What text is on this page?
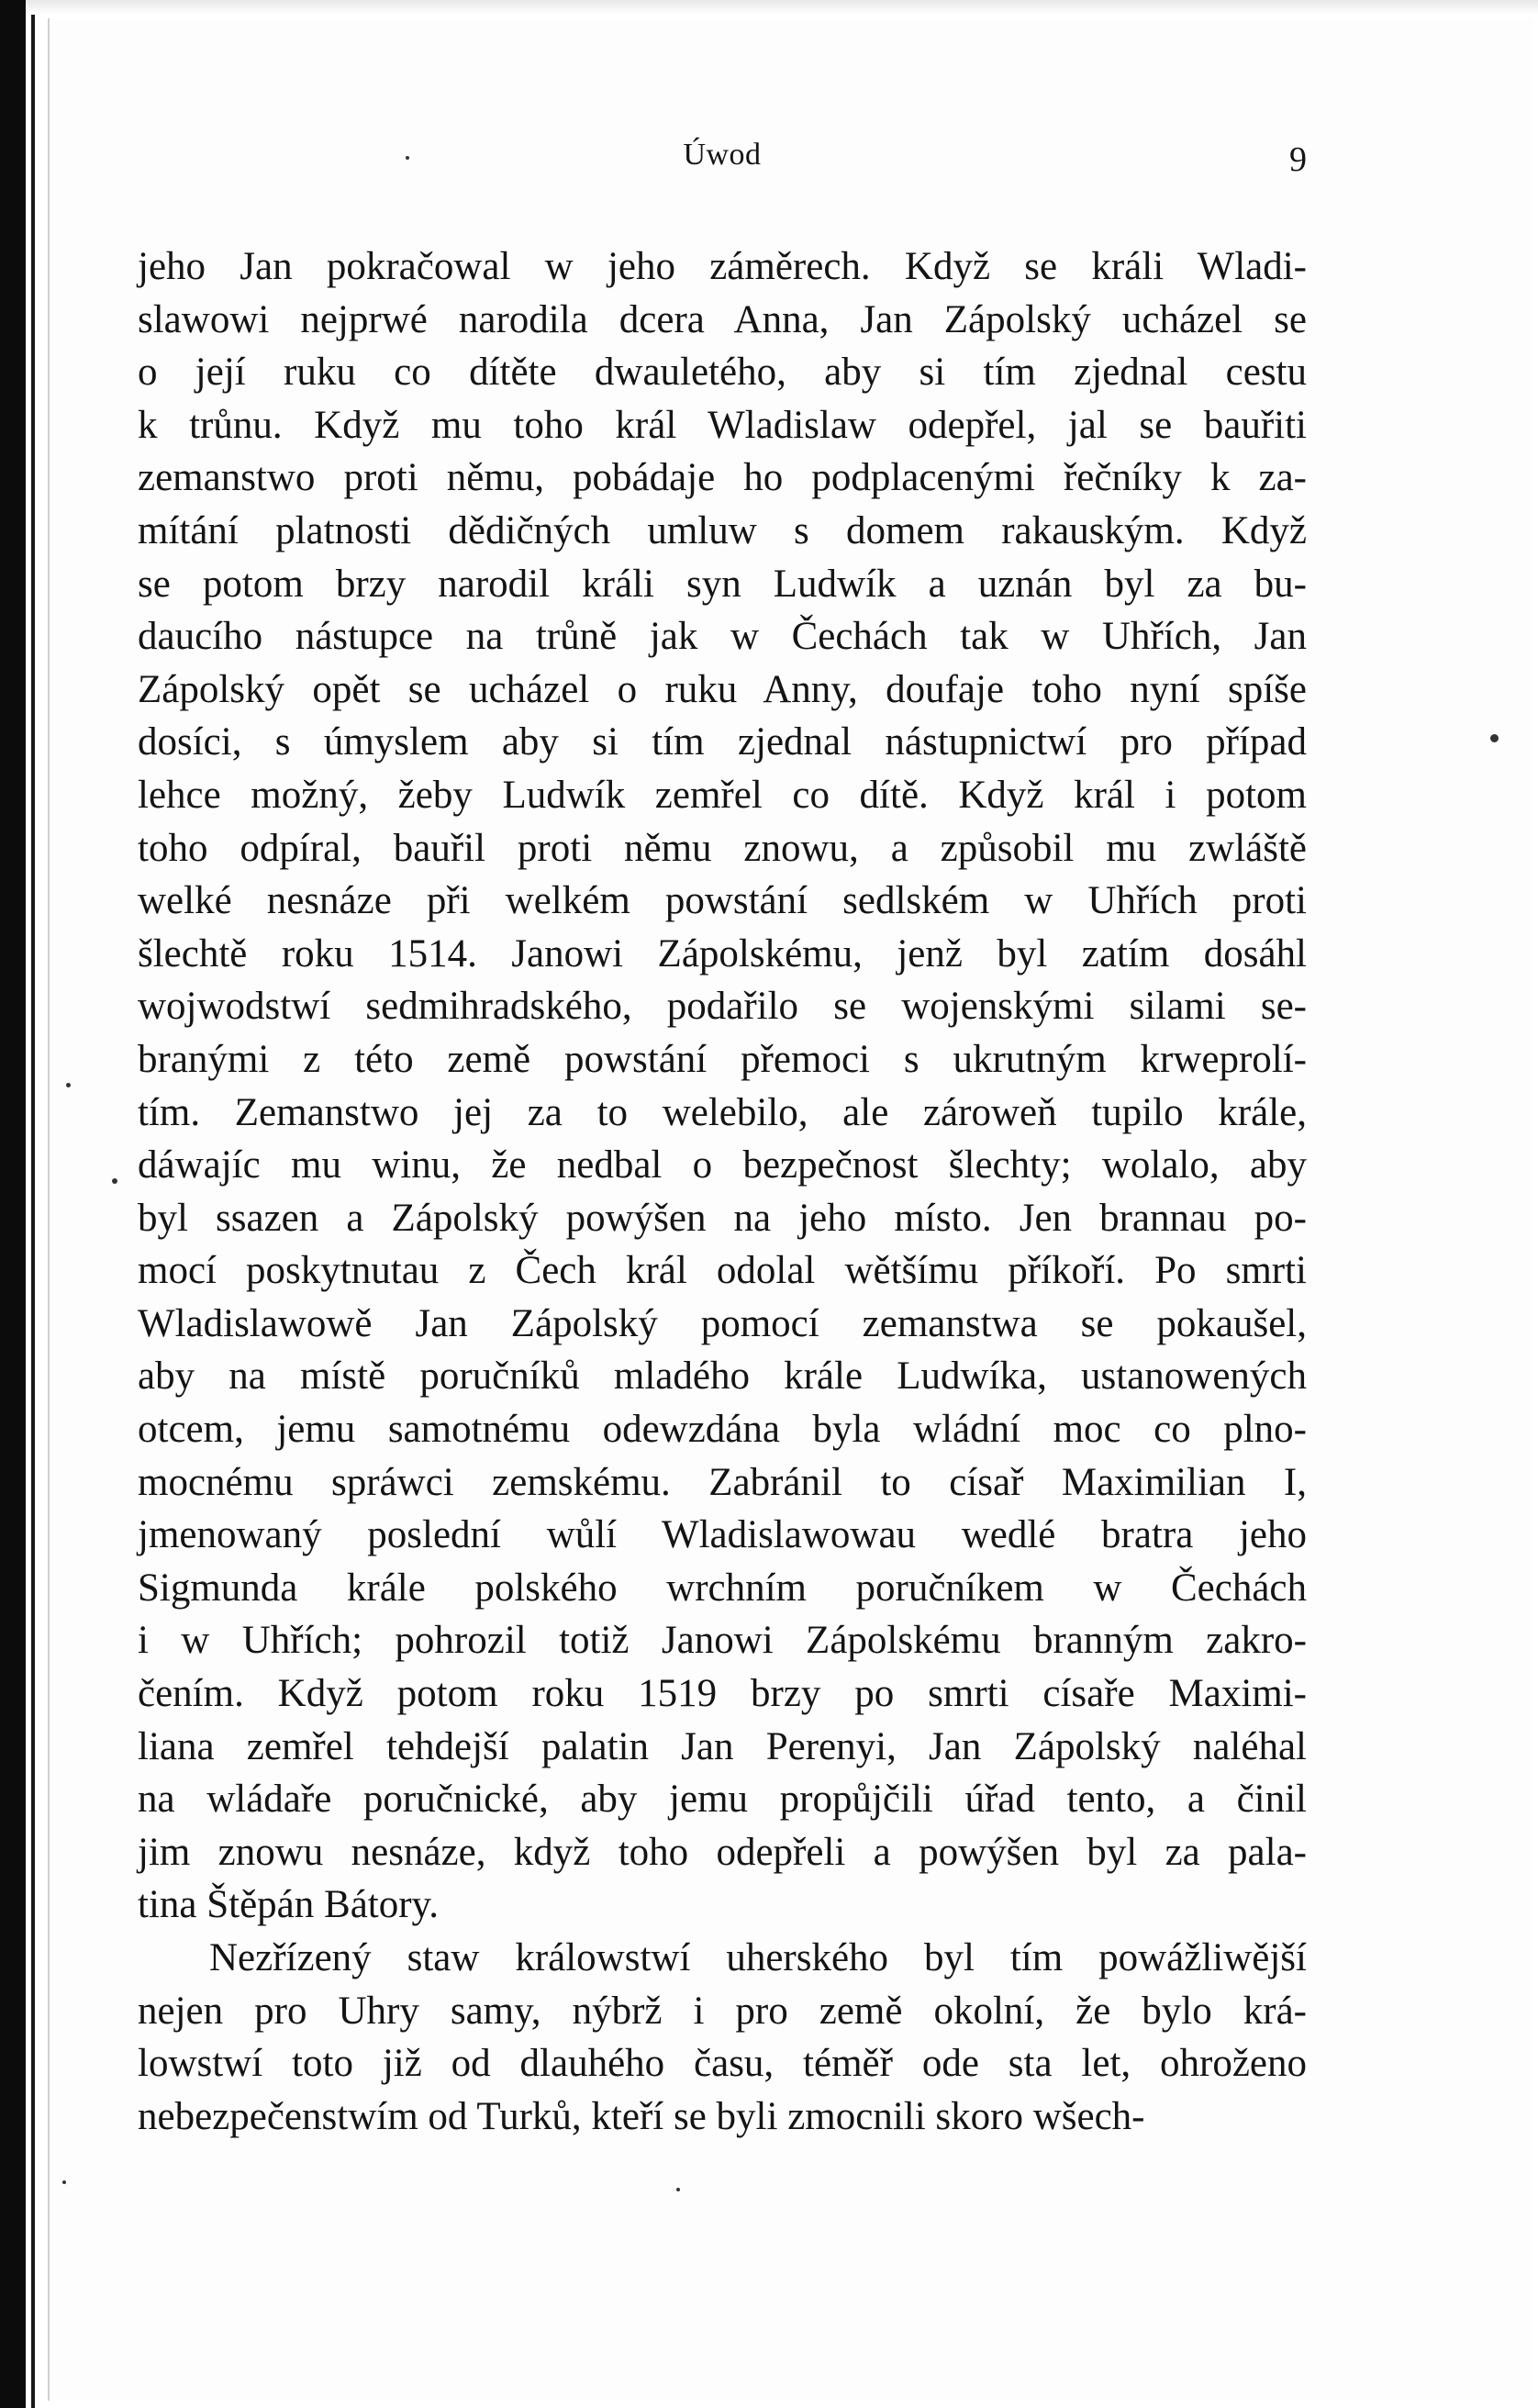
Úwod	9
jeho Jan pokračowal w jeho záměrech. Když se králi Wladi-
slawowi nejprwé narodila dcera Anna, Jan Zápolský ucházel se
o její ruku co dítěte dwauletého, aby si tím zjednal cestu
k trůnu. Když mu toho král Wladislaw odepřel, jal se bauřiti
zemanstwo proti němu, pobádaje ho podplacenými řečníky k za-
mítání platnosti dědičných umluw s domem rakauským. Když
se potom brzy narodil králi syn Ludwík a uznán byl za bu-
daucího nástupce na trůně jak w Čechách tak w Uhřích, Jan
Zápolský opět se ucházel o ruku Anny, doufaje toho nyní spíše
dosíci, s úmyslem aby si tím zjednal nástupnictwí pro případ
lehce možný, žeby Ludwík zemřel co dítě. Když král i potom
toho odpíral, bauřil proti němu znowu, a způsobil mu zwláště
welké nesnáze při welkém powstání sedlském w Uhřích proti
šlechtě roku 1514. Janowi Zápolskému, jenž byl zatím dosáhl
wojwodstwí sedmihradského, podařilo se wojenskými silami se-
branými z této země powstání přemoci s ukrutným krweprolí-
tím. Zemanstwo jej za to welebilo, ale zároweň tupilo krále,
dáwajíc mu winu, že nedbal o bezpečnost šlechty; wolalo, aby
byl ssazen a Zápolský powýšen na jeho místo. Jen brannau po-
mocí poskytnutau z Čech král odolal wětšímu příkoří. Po smrti
Wladislawowě Jan Zápolský pomocí zemanstwa se pokaušel,
aby na místě poručníků mladého krále Ludwíka, ustanowených
otcem, jemu samotnému odewzdána byla wládní moc co plno-
mocnému spráwci zemskému. Zabránil to císař Maximilian I,
jmenowaný poslední wůlí Wladislawowau wedlé bratra jeho
Sigmunda krále polského wrchním poručníkem w Čechách
i w Uhřích; pohrozil totiž Janowi Zápolskému branným zakro-
čením. Když potom roku 1519 brzy po smrti císaře Maximi-
liana zemřel tehdejší palatin Jan Perenyi, Jan Zápolský naléhal
na wládaře poručnické, aby jemu propůjčili úřad tento, a činil
jim znowu nesnáze, když toho odepřeli a powýšen byl za pala-
tina Štěpán Bátory.
Nezřízený staw králowstwí uherského byl tím powážliwější
nejen pro Uhry samy, nýbrž i pro země okolní, že bylo krá-
lowstwí toto již od dlauhého času, téměř ode sta let, ohroženo
nebezpečenstwím od Turků, kteří se byli zmocnili skoro wšech-
